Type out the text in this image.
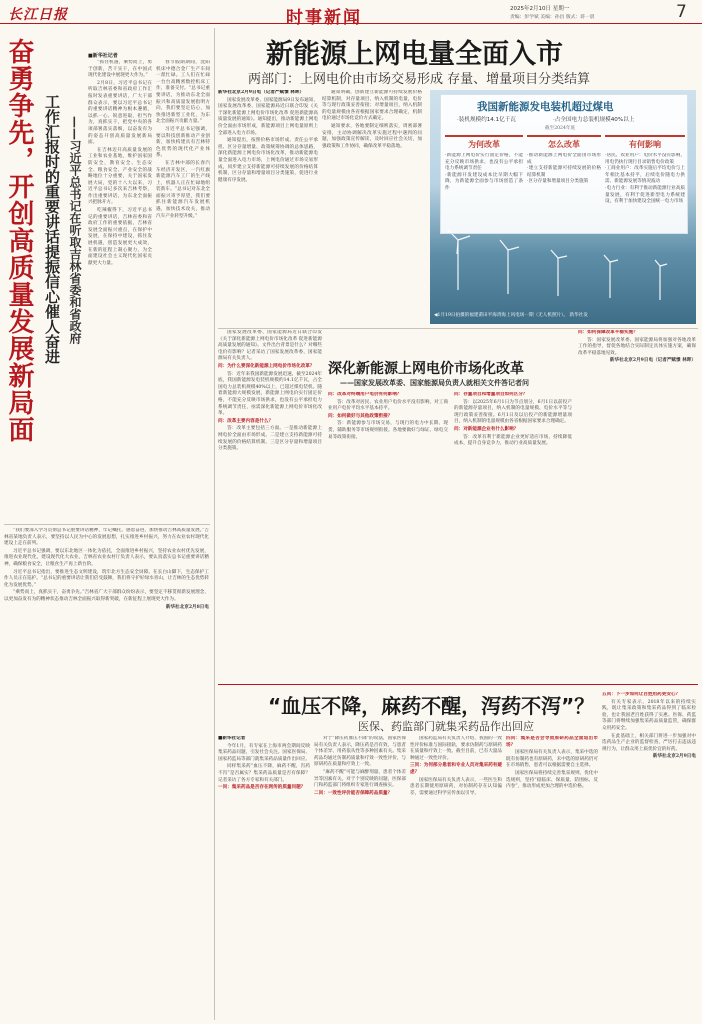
长江日报	时事新闻	2025年2月10日 星期一
责编：彭学斌 美编：孙昌 版式：蒋一晨	7
奋勇争先，开创高质量发展新局面 工作汇报时的重要讲话提振信心催人奋进 ——习近平总书记在听取吉林省委和省政府
■新华社记者

“抓住机遇，乘势而上，勇于创新，苦干实干，在中国式现代化建设中展现更大作为。”

2月8日，习近平总书记在听取吉林省委和省政府工作汇报时发表重要讲话，广大干部群众表示，要以习近平总书记的重要讲话精神为根本遵循，以抓一心、锐意进取，担当作为，真抓实干，把党中央的各项部署落实落细，以奋发有为的姿态开创高质量发展新局面。

在吉林迈开高质量发展的工业和农业基地，维护国家国防安全，教育安全、生态安全、粮食安全、产业安全的战略地位十分重要，关于国家发展大局，党的十八大以来，习近平总书记多次来吉林考察，作出重要讲话，为东北全面振兴把脉开方。

吃辣椒得下，习近平总书记的重要讲话，吉林省委和省政府工作的重要依据，吉林省发展全面振兴重点，在保护中发展，在保持中建设，抓住发展机遇，创造发展更大成效，在新的征程上凝心聚力，为全面建设社会主义现代化国家贡献更大力量。

春节假期期间，沈阳机床中德合金厂生产车间一派忙碌。工人们在忙碌一台台高精密数控机床工作，准备交付。“总书记重要讲话，为推动东北全面振兴和高质量发展指明方向，我们要坚定信心，加快推进新型工业化，为东北全面振兴贡献力量。”

习近平总书记强调，要以科技创新推动产业创新，加快构建具有吉林特色优势的现代化产业体系。

在吉林中部的长春汽车经济开发区，一汽红旗新能源汽车工厂的生产线上，机器人正在忙碌地组装新车。“总书记对东北全面振兴寄予厚望，我们要抓住新能源汽车发展机遇，加快技术攻关，推动汽车产业转型升级。”

“我们要深入学习贯彻总书记重要讲话精神，牢记嘱托，感恩奋进，加快推动吉林高质量发展。”吉林省某地负责人表示，要坚持以人民为中心的发展思想，扎实推进乡村振兴，努力在农业农村现代化建设上走在前列。

习近平总书记强调，要以东北地区一体化为依托，全面推进乡村振兴，坚持农业农村优先发展，推进农业现代化，建设现代化大农业。吉林省农业农村厅负责人表示，要认真落实总书记重要讲话精神，确保粮食安全，让粮食生产再上新台阶。

习近平总书记指出，要推进生态文明建设，筑牢北方生态安全屏障。在长白山脚下，生态保护工作人员正在巡护。“总书记的重要讲话让我们倍受鼓舞，我们将守护好绿水青山，让吉林的生态优势转化为发展优势。”

“乘势而上，真抓实干，奋勇争先。”吉林省广大干部群众纷纷表示，要坚定不移贯彻新发展理念，以更加奋发有为的精神状态推动吉林全面振兴取得新突破，在新征程上展现更大作为。

新华社北京2月8日电

新能源上网电量全面入市
两部门：上网电价由市场交易形成 存量、增量项目分类结算

新华社北京2月9日电（记者严赋憬 林晖）

国家发展改革委、国家能源局9日发布通知，国家发展改革委、国家能源局近日联合印发《关于深化新能源上网电价市场化改革 促进新能源高质量发展的通知》。通知提出，推动新能源上网电价全面由市场形成，新能源项目上网电量原则上全部进入电力市场。

通知提出，按照价格市场形成、责任公平承担、区分存量增量、政策统筹协调的总体思路，深化新能源上网电价市场化改革，推动新能源电量全面进入电力市场，上网电价通过市场交易形成，同步建立支持新能源可持续发展的价格结算机制，区分存量和增量项目分类施策，促进行业健康有序发展。

通知明确，创新建立新能源可持续发展价格结算机制，对存量项目，纳入机制的电量，电价等与现行政策妥善衔接；对增量项目，纳入机制的电量规模由各省根据国家要求合理确定，机制电价通过市场化竞价方式确定。

通知要求，各地要制定细则落实，周密部署安排，主动协调解决改革实施过程中遇到的问题，加强政策宣传解读，及时回应社会关切，加强政策和工作协同，确保改革平稳落地。

我国新能源发电装机超过煤电
·装机规模约14.1亿千瓦	·占全国电力总装机规模40%以上
截至2024年底
为何改革
·新能源上网电价实行固定价格，不能充分反映市场供求，也没有公平承担电力系统调节责任
·新能源开发建设成本比早期大幅下降，为新能源全面参与市场创造了条件
怎么改革
·推动新能源上网电价全面由市场形成
·建立支持新能源可持续发展的价格结算机制
·区分存量和增量项目分类施策
有何影响
·居民、农业用户：电价水平没有影响，用电仍执行现行目录销售电价政策
·工商业用户：改革实施后平均电价与上年相比基本持平，后续电价随电力供需、新能源发展等情况波动
·电力行业：有利于推动新能源行业高质量发展，有利于促进新型电力系统建设，有利于加快建设全国统一电力市场
◀1月19日拍摄的福建莆田平海湾海上风电场一期（无人机照片）。 新华社发

国家发展改革委、国家能源局近日联合印发《关于深化新能源上网电价市场化改革 促进新能源高质量发展的通知》。文件出台背景是什么？对哪些电价有影响？记者采访了国家发展改革委、国家能源局有关负责人。

问：为什么要深化新能源上网电价市场化改革？

答：近年来我国新能源发展迅速，截至2024年底，我国新能源发电装机规模约14.1亿千瓦，占全国电力总装机规模40%以上，已超过煤电装机。随着新能源大规模发展，新能源上网电价实行固定价格，不能充分反映市场供求，也没有公平承担电力系统调节责任，亟需深化新能源上网电价市场化改革。

问：改革主要内容是什么？

答：改革主要包括三方面。一是推动新能源上网电价全面由市场形成。二是建立支持新能源可持续发展的价格结算机制。三是区分存量和增量项目分类施策。

深化新能源上网电价市场化改革
——国家发展改革委、国家能源局负责人就相关文件答记者问

问：改革对终端用户电价有何影响？

答：改革对居民、农业用户电价水平没有影响，对工商业用户电价平均水平基本持平。

问：如何做好与其他政策衔接？

答：新能源参与市场交易，与现行的电力中长期、现货、辅助服务等市场规则衔接。各地要做好与绿证、绿电交易等政策衔接。

问：存量项目和增量项目如何区分？

答：以2025年6月1日为节点划分，6月1日以前投产的新能源存量项目，纳入机制的电量规模、电价水平等与现行政策妥善衔接。6月1日及以后投产的新能源增量项目，纳入机制的电量规模由各省根据国家要求合理确定。

问：对新能源企业有什么影响？

答：改革有利于新能源企业更好适应市场，持续降低成本，提升自身竞争力，推动行业高质量发展。

问：如何保障改革平稳实施？

答：国家发展改革委、国家能源局将加强对各地改革工作的指导，督促各地结合实际制定具体实施方案，确保改革平稳落地见效。

新华社北京2月9日电（记者严赋憬 林晖）

“血压不降，麻药不醒，泻药不泻”？
医保、药监部门就集采药品作出回应

■新华社记者

今年1月，有专家在上海市两会期间反映集采药品问题，引发社会关注。国家医保局、国家药监局等部门就集采药品质量作出回应。

同样集采药“血压不降，麻药不醒，泻药不泻”是否属实？集采药品质量是否有保障？记者采访了各方专家和有关部门。

一问：集采药品是否存在网传的质量问题？

对于“降压药血压不降”的说法，国家医保局有关负责人表示，降压药是否有效，与患者个体差异、用药依从性等多种因素有关。集采药品均通过仿制药质量和疗效一致性评价，与原研药在质量和疗效上一致。

“麻药不醒”可能与麻醉剂量、患者个体差异等因素有关。对于个别反映的问题，医保部门和药监部门将组织专家进行调查核实。

二问：一致性评价能否保障药品质量？

国家药监局有关负责人介绍，我国的一致性评价标准与国际接轨，要求仿制药与原研药在质量和疗效上一致。截至目前，已有大量品种通过一致性评价。

三问：为何部分患者和专业人员对集采药有疑虑？

国家医保局有关负责人表示，一些医生和患者长期使用原研药，对仿制药存在认知偏差，需要通过科学宣传加以引导。

四问：集采是否会导致原研药品全面退出市场？

国家医保局有关负责人表示，集采中选的既有仿制药也有原研药，未中选的原研药仍可在市场销售，患者可以根据需要自主选择。

国家医保局将持续完善集采规则，优化中选规则，坚持“稳临床、保质量、防围标、反内卷”，推动形成更加合理的中选价格。

五问：下一步如何让百姓用药更安心？

有关专家表示，2018年以来的持续实践，既让集采政策和集采药品得到了临床检验，也让我国老百姓获得了实惠。医保、药监等部门将继续加强集采药品质量监管，确保群众用药安全。

在此基础上，相关部门将进一步加强对中选药品生产企业的监督检查，严厉打击违法违规行为，让群众用上质优价宜的好药。

新华社北京2月9日电
